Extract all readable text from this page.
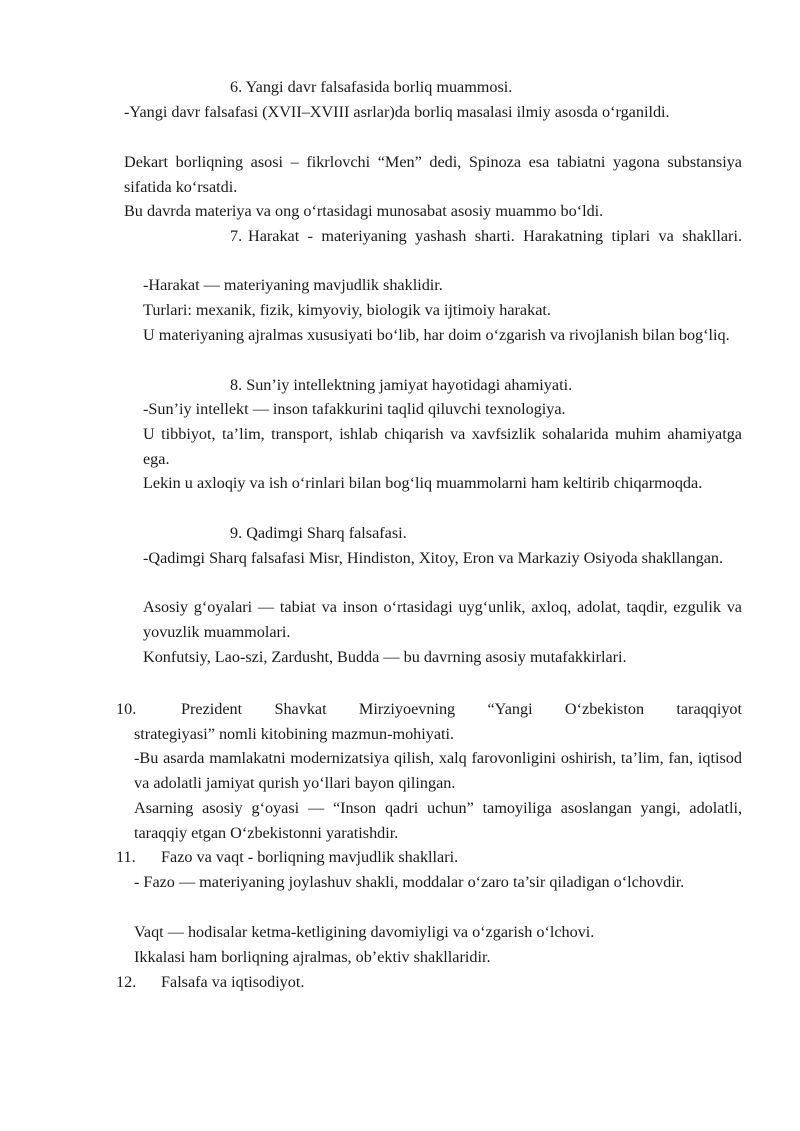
6. Yangi davr falsafasida borliq muammosi.
-Yangi davr falsafasi (XVII–XVIII asrlar)da borliq masalasi ilmiy asosda o‘rganildi.
Dekart borliqning asosi – fikrlovchi “Men” dedi, Spinoza esa tabiatni yagona substansiya sifatida ko‘rsatdi.
Bu davrda materiya va ong o‘rtasidagi munosabat asosiy muammo bo‘ldi.
7. Harakat - materiyaning yashash sharti. Harakatning tiplari va shakllari.
-Harakat — materiyaning mavjudlik shaklidir.
Turlari: mexanik, fizik, kimyoviy, biologik va ijtimoiy harakat.
U materiyaning ajralmas xususiyati bo‘lib, har doim o‘zgarish va rivojlanish bilan bog‘liq.
8. Sun’iy intellektning jamiyat hayotidagi ahamiyati.
-Sun’iy intellekt — inson tafakkurini taqlid qiluvchi texnologiya.
U tibbiyot, ta’lim, transport, ishlab chiqarish va xavfsizlik sohalarida muhim ahamiyatga ega.
Lekin u axloqiy va ish o‘rinlari bilan bog‘liq muammolarni ham keltirib chiqarmoqda.
9. Qadimgi Sharq falsafasi.
-Qadimgi Sharq falsafasi Misr, Hindiston, Xitoy, Eron va Markaziy Osiyoda shakllangan.
Asosiy g‘oyalari — tabiat va inson o‘rtasidagi uyg‘unlik, axloq, adolat, taqdir, ezgulik va yovuzlik muammolari.
Konfutsiy, Lao-szi, Zardusht, Budda — bu davrning asosiy mutafakkirlari.
10.	Prezident Shavkat Mirziyoevning “Yangi O‘zbekiston taraqqiyot
strategiyasi” nomli kitobining mazmun-mohiyati.
-Bu asarda mamlakatni modernizatsiya qilish, xalq farovonligini oshirish, ta’lim, fan, iqtisod va adolatli jamiyat qurish yo‘llari bayon qilingan.
Asarning asosiy g‘oyasi — “Inson qadri uchun” tamoyiliga asoslangan yangi, adolatli, taraqqiy etgan O‘zbekistonni yaratishdir.
11. Fazo va vaqt - borliqning mavjudlik shakllari.
- Fazo — materiyaning joylashuv shakli, moddalar o‘zaro ta’sir qiladigan o‘lchovdir.
Vaqt — hodisalar ketma-ketligining davomiyligi va o‘zgarish o‘lchovi.
Ikkalasi ham borliqning ajralmas, ob’ektiv shakllaridir.
12. Falsafa va iqtisodiyot.
